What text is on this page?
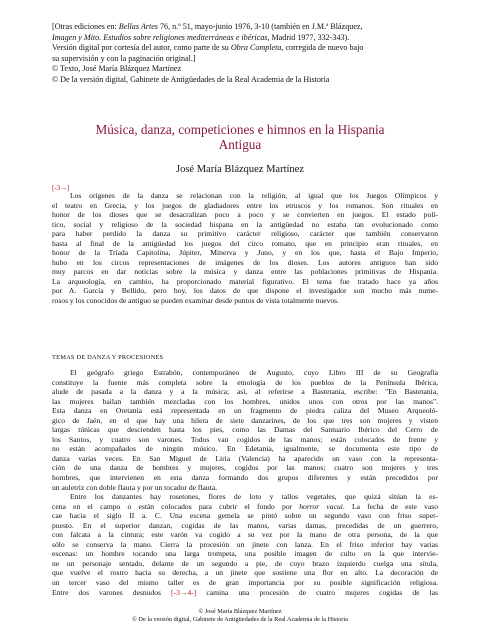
[Otras ediciones en: Bellas Artes 76, n.º 51, mayo-junio 1976, 3-10 (también en J.M.ª Blázquez,
Imagen y Mito. Estudios sobre religiones mediterráneas e ibéricas, Madrid 1977, 332-343).
Versión digital por cortesía del autor, como parte de su Obra Completa, corregida de nuevo bajo
su supervisión y con la paginación original.]
© Texto, José María Blázquez Martínez
© De la versión digital, Gabinete de Antigüedades de la Real Academia de la Historia
Música, danza, competiciones e himnos en la Hispania
Antigua
José María Blázquez Martínez
[-3→]
Los orígenes de la danza se relacionan con la religión, al igual que los Juegos Olímpicos y
el teatro en Grecia, y los juegos de gladiadores entre los etruscos y los romanos. Son rituales en
honor de los dioses que se desacralizan poco a poco y se convierten en juegos. El estado polí-
tico, social y religioso de la sociedad hispana en la antigüedad no estaba tan evolucionado como
para haber perdido la danza su primitivo carácter religioso, carácter que también conservaron
hasta al final de la antigüedad los juegos del circo romano, que en principio eran rituales, en
honor de la Tríada Capitolina, Júpiter, Minerva y Juno, y en los que, hasta el Bajo Imperio,
hubo en los circos representaciones de imágenes de los dioses. Los autores antiguos han sido
muy parcos en dar noticias sobre la música y danza entre las poblaciones primitivas de Hispania.
La arqueología, en cambio, ha proporcionado material figurativo. El tema fue tratado hace ya años
por A. García y Bellido, pero hoy, los datos de que dispone el investigador son mucho más nume-
rosos y los conocidos de antiguo se pueden examinar desde puntos de vista totalmente nuevos.
TEMAS DE DANZA Y PROCESIONES
El geógrafo griego Estrabón, contemporáneo de Augusto, cuyo Libro III de su Geografía
constituye la fuente más completa sobre la etnología de los pueblos de la Península Ibérica,
alude de pasada a la danza y a la música; así, al referirse a Bastetania, escribe: "En Bastetania,
las mujeres bailan también mezcladas con los hombres, unidos unos con otros por las manos".
Esta danza en Oretania está representada en un fragmento de piedra caliza del Museo Arqueoló-
gico de Jaén, en el que hay una hilera de siete danzarines, de los que tres son mujeres y visten
largas túnicas que descienden hasta los pies, como las Damas del Santuario Ibérico del Cerro de
los Santos, y cuatro son varones. Todos van cogidos de las manos; están colocados de frente y
no están acompañados de ningún músico. En Edetania, igualmente, se documenta este tipo de
danza varias veces. En San Miguel de Liria (Valencia) ha aparecido un vaso con la representa-
ción de una danza de hombres y mujeres, cogidos por las manos; cuatro son mujeres y tres
hombres, que intervienen en esta danza formando dos grupos diferentes y están precedidos por
un auletriz con doble flauta y por un tocador de flauta.
Entre los danzantes hay rosetones, flores de loto y tallos vegetales, que quizá sitúan la es-
cena en el campo o están colocados para cubrir el fondo por horror vacui. La fecha de este vaso
cae hacia el siglo II a. C. Una escena gemela se pintó sobre un segundo vaso con friso super-
puesto. En el superior danzan, cogidas de las manos, varias damas, precedidas de un guerrero,
con falcata a la cintura; este varón va cogido a su vez por la mano de otra persona, de la que
sólo se conserva la mano. Cierra la procesión un jinete con lanza. En el friso inferior hay varias
escenas: un hombre tocando una larga trompeta, una posible imagen de culto en la que intervie-
ne un personaje sentado, delante de un segundo a pie, de cuyo brazo izquierdo cuelga una sítula,
que vuelve el rostro hacia su derecha, a un jinete que sostiene una flor en alto. La decoración de
un tercer vaso del mismo taller es de gran importancia por su posible significación religiosa.
Entre dos varones desnudos [-3→4-] camina una procesión de cuatro mujeres cogidas de las
© José María Blázquez Martínez
© De la versión digital, Gabinete de Antigüedades de la Real Academia de la Historia
